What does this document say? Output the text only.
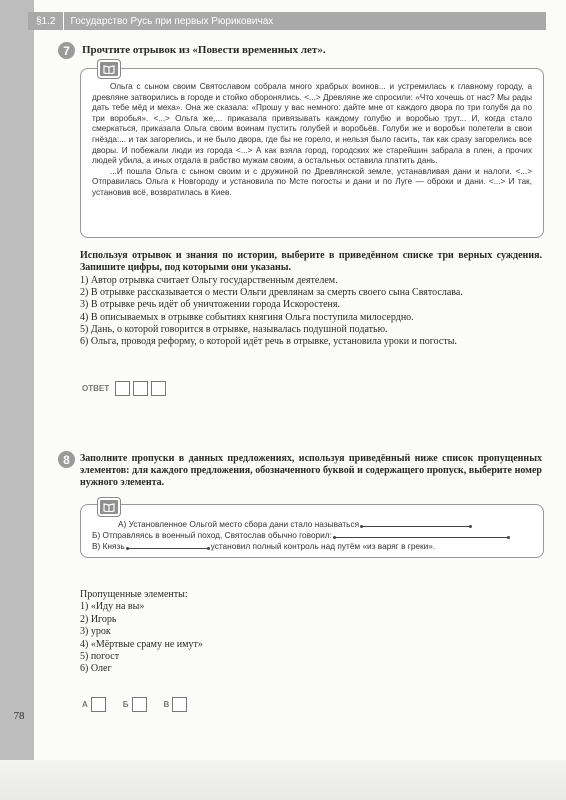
§1.2	Государство Русь при первых Рюриковичах
78
7	Прочтите отрывок из «Повести временных лет».

Ольга с сыном своим Святославом собрала много храбрых воинов... и устремилась к главному городу, а древляне затворились в городе и стойко оборонялись. <...> Древляне же спросили: «Что хочешь от нас? Мы рады дать тебе мёд и меха». Она же сказала: «Прошу у вас немного: дайте мне от каждого двора по три голубя да по три воробья». <...> Ольга же,... приказала привязывать каждому голубю и воробью трут... И, когда стало смеркаться, приказала Ольга своим воинам пустить голубей и воробьёв. Голуби же и воробьи полетели в свои гнёзда:... и так загорелись, и не было двора, где бы не горело, и нельзя было гасить, так как сразу загорелись все дворы. И побежали люди из города <...> А как взяла город, городских же старейшин забрала в плен, а прочих людей убила, а иных отдала в рабство мужам своим, а остальных оставила платить дань.

...И пошла Ольга с сыном своим и с дружиной по Древлянской земле, устанавливая дани и налоги. <...> Отправилась Ольга к Новгороду и установила по Мсте погосты и дани и по Луге — оброки и дани. <...> И так, установив всё, возвратилась в Киев.

Используя отрывок и знания по истории, выберите в приведённом списке три верных суждения. Запишите цифры, под которыми они указаны.
1) Автор отрывка считает Ольгу государственным деятелем.
2) В отрывке рассказывается о мести Ольги древлянам за смерть своего сына Святослава.
3) В отрывке речь идёт об уничтожении города Искоростеня.
4) В описываемых в отрывке событиях княгиня Ольга поступила милосердно.
5) Дань, о которой говорится в отрывке, называлась подушной податью.
6) Ольга, проводя реформу, о которой идёт речь в отрывке, установила уроки и погосты.
ОТВЕТ
8	Заполните пропуски в данных предложениях, используя приведённый ниже список пропущенных элементов: для каждого предложения, обозначенного буквой и содержащего пропуск, выберите номер нужного элемента.
А) Установленное Ольгой место сбора дани стало называться
Б) Отправляясь в военный поход, Святослав обычно говорил:
В) Князь	установил полный контроль над путём «из варяг в греки».
Пропущенные элементы:
1) «Иду на вы»
2) Игорь
3) урок
4) «Мёртвые сраму не имут»
5) погост
6) Олег
А	Б	В
